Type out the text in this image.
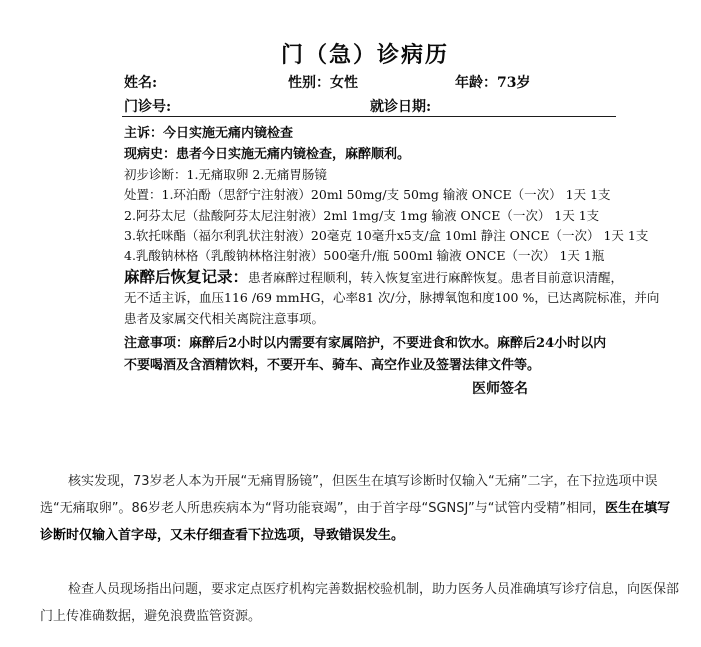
门（急）诊病历
姓名:	性别：女性	年龄：73岁
门诊号:	就诊日期:
主诉：今日实施无痛内镜检查
现病史：患者今日实施无痛内镜检查，麻醉顺利。
初步诊断：1.无痛取卵 2.无痛胃肠镜
处置：1.环泊酚（思舒宁注射液）20ml 50mg/支 50mg 输液 ONCE（一次） 1天 1支
2.阿芬太尼（盐酸阿芬太尼注射液）2ml 1mg/支 1mg 输液 ONCE（一次） 1天 1支
3.软托咪酯（福尔利乳状注射液）20毫克 10毫升x5支/盒 10ml 静注 ONCE（一次） 1天 1支
4.乳酸钠林格（乳酸钠林格注射液）500毫升/瓶 500ml 输液 ONCE（一次） 1天 1瓶
麻醉后恢复记录：患者麻醉过程顺利，转入恢复室进行麻醉恢复。患者目前意识清醒，
无不适主诉，血压116 /69 mmHG，心率81 次/分，脉搏氧饱和度100 %，已达离院标准，并向
患者及家属交代相关离院注意事项。
注意事项：麻醉后2小时以内需要有家属陪护，不要进食和饮水。麻醉后24小时以内
不要喝酒及含酒精饮料，不要开车、骑车、高空作业及签署法律文件等。
医师签名
核实发现，73岁老人本为开展“无痛胃肠镜”，但医生在填写诊断时仅输入“无痛”二字，在下拉选项中误选“无痛取卵”。86岁老人所患疾病本为“肾功能衰竭”，由于首字母“SGNSJ”与“试管内受精”相同，医生在填写诊断时仅输入首字母，又未仔细查看下拉选项，导致错误发生。
检查人员现场指出问题，要求定点医疗机构完善数据校验机制，助力医务人员准确填写诊疗信息，向医保部门上传准确数据，避免浪费监管资源。
